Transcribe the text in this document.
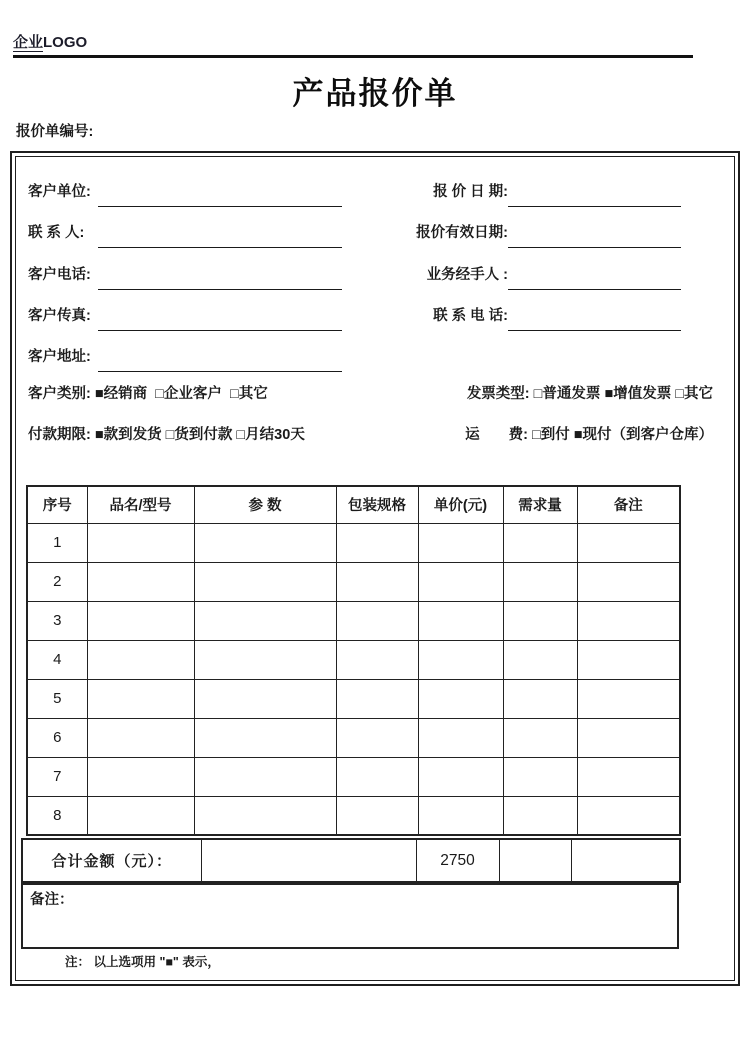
企业LOGO
产品报价单
报价单编号:
客户单位:
联 系 人:
客户电话:
客户传真:
客户地址:
报 价 日 期:
报价有效日期:
业务经手人 :
联 系 电 话:
客户类别: ■经销商  □企业客户  □其它	发票类型: □普通发票 ■增值发票 □其它
付款期限: ■款到发货 □货到付款 □月结30天	运　　费: □到付 ■现付（到客户仓库）
序号	品名/型号	参 数	包装规格	单价(元)	需求量	备注
1						
2						
3						
4						
5						
6						
7						
8						
合计金额（元）：		2750		
备注：
注： 以上选项用 "■" 表示，
